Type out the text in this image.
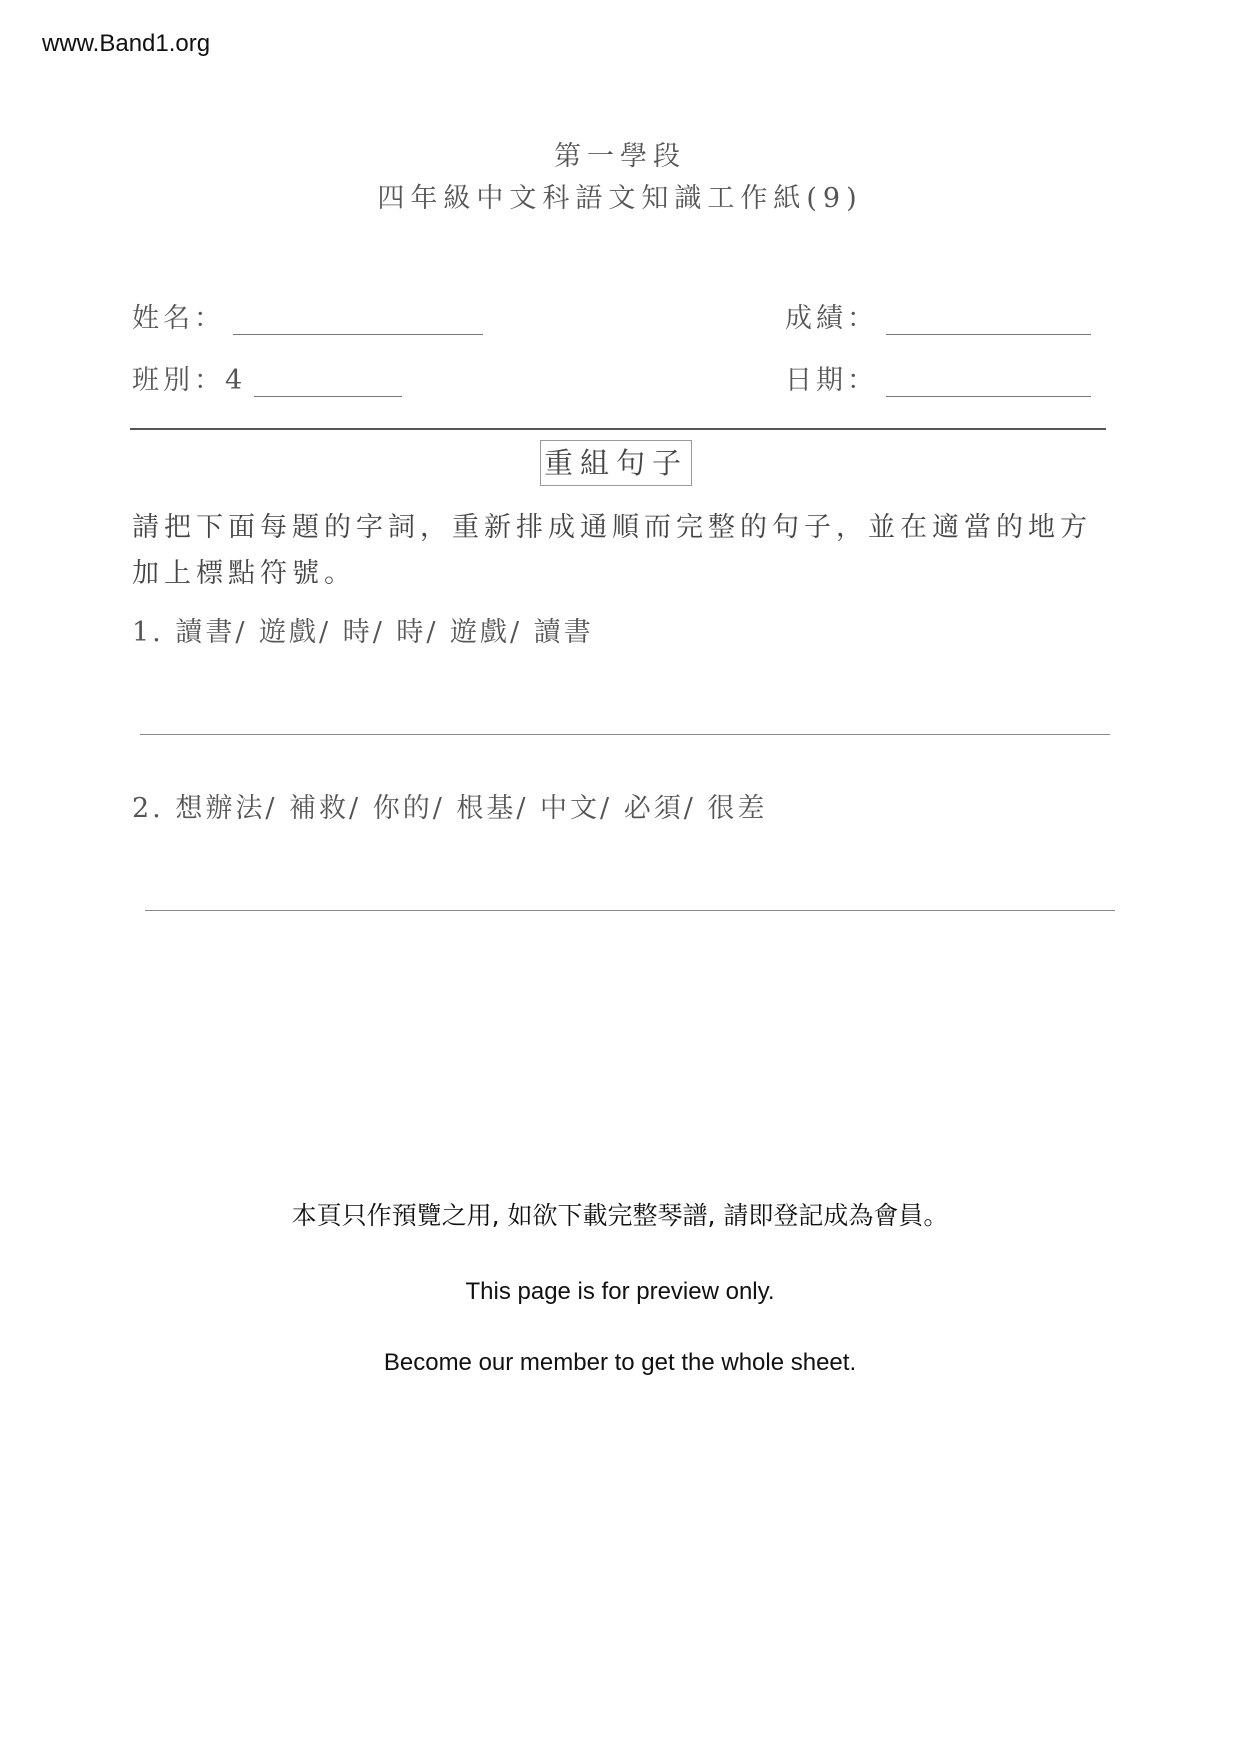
www.Band1.org
第一學段
四年級中文科語文知識工作紙(9)
姓名：	成績：
班別：4	日期：
重組句子
請把下面每題的字詞，重新排成通順而完整的句子，並在適當的地方加上標點符號。
1. 讀書/ 遊戲/ 時/ 時/ 遊戲/ 讀書
2. 想辦法/ 補救/ 你的/ 根基/ 中文/ 必須/ 很差
本頁只作預覽之用, 如欲下載完整琴譜, 請即登記成為會員。
This page is for preview only.
Become our member to get the whole sheet.
